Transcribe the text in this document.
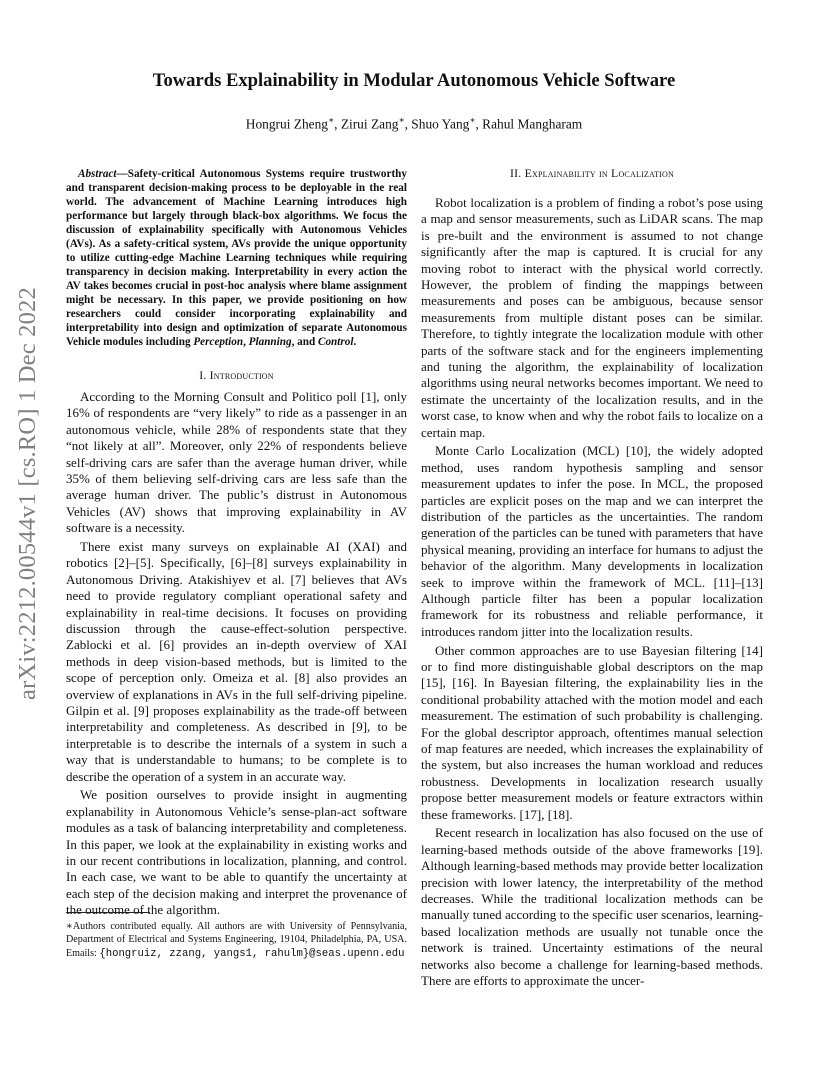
arXiv:2212.00544v1 [cs.RO] 1 Dec 2022
Towards Explainability in Modular Autonomous Vehicle Software

Hongrui Zheng∗, Zirui Zang∗, Shuo Yang∗, Rahul Mangharam

Abstract—Safety-critical Autonomous Systems require trustworthy and transparent decision-making process to be deployable in the real world. The advancement of Machine Learning introduces high performance but largely through black-box algorithms. We focus the discussion of explainability specifically with Autonomous Vehicles (AVs). As a safety-critical system, AVs provide the unique opportunity to utilize cutting-edge Machine Learning techniques while requiring transparency in decision making. Interpretability in every action the AV takes becomes crucial in post-hoc analysis where blame assignment might be necessary. In this paper, we provide positioning on how researchers could consider incorporating explainability and interpretability into design and optimization of separate Autonomous Vehicle modules including Perception, Planning, and Control.

I. Introduction

According to the Morning Consult and Politico poll [1], only 16% of respondents are “very likely” to ride as a passenger in an autonomous vehicle, while 28% of respondents state that they “not likely at all”. Moreover, only 22% of respondents believe self-driving cars are safer than the average human driver, while 35% of them believing self-driving cars are less safe than the average human driver. The public’s distrust in Autonomous Vehicles (AV) shows that improving explainability in AV software is a necessity.

There exist many surveys on explainable AI (XAI) and robotics [2]–[5]. Specifically, [6]–[8] surveys explainability in Autonomous Driving. Atakishiyev et al. [7] believes that AVs need to provide regulatory compliant operational safety and explainability in real-time decisions. It focuses on providing discussion through the cause-effect-solution perspective. Zablocki et al. [6] provides an in-depth overview of XAI methods in deep vision-based methods, but is limited to the scope of perception only. Omeiza et al. [8] also provides an overview of explanations in AVs in the full self-driving pipeline. Gilpin et al. [9] proposes explainability as the trade-off between interpretability and completeness. As described in [9], to be interpretable is to describe the internals of a system in such a way that is understandable to humans; to be complete is to describe the operation of a system in an accurate way.

We position ourselves to provide insight in augmenting explanability in Autonomous Vehicle’s sense-plan-act software modules as a task of balancing interpretability and completeness. In this paper, we look at the explainability in existing works and in our recent contributions in localization, planning, and control. In each case, we want to be able to quantify the uncertainty at each step of the decision making and interpret the provenance of the outcome of the algorithm.

∗Authors contributed equally. All authors are with University of Pennsylvania, Department of Electrical and Systems Engineering, 19104, Philadelphia, PA, USA. Emails: {hongruiz, zzang, yangs1, rahulm}@seas.upenn.edu
II. Explainability in Localization

Robot localization is a problem of finding a robot’s pose using a map and sensor measurements, such as LiDAR scans. The map is pre-built and the environment is assumed to not change significantly after the map is captured. It is crucial for any moving robot to interact with the physical world correctly. However, the problem of finding the mappings between measurements and poses can be ambiguous, because sensor measurements from multiple distant poses can be similar. Therefore, to tightly integrate the localization module with other parts of the software stack and for the engineers implementing and tuning the algorithm, the explainability of localization algorithms using neural networks becomes important. We need to estimate the uncertainty of the localization results, and in the worst case, to know when and why the robot fails to localize on a certain map.

Monte Carlo Localization (MCL) [10], the widely adopted method, uses random hypothesis sampling and sensor measurement updates to infer the pose. In MCL, the proposed particles are explicit poses on the map and we can interpret the distribution of the particles as the uncertainties. The random generation of the particles can be tuned with parameters that have physical meaning, providing an interface for humans to adjust the behavior of the algorithm. Many developments in localization seek to improve within the framework of MCL. [11]–[13] Although particle filter has been a popular localization framework for its robustness and reliable performance, it introduces random jitter into the localization results.

Other common approaches are to use Bayesian filtering [14] or to find more distinguishable global descriptors on the map [15], [16]. In Bayesian filtering, the explainability lies in the conditional probability attached with the motion model and each measurement. The estimation of such probability is challenging. For the global descriptor approach, oftentimes manual selection of map features are needed, which increases the explainability of the system, but also increases the human workload and reduces robustness. Developments in localization research usually propose better measurement models or feature extractors within these frameworks. [17], [18].

Recent research in localization has also focused on the use of learning-based methods outside of the above frameworks [19]. Although learning-based methods may provide better localization precision with lower latency, the interpretability of the method decreases. While the traditional localization methods can be manually tuned according to the specific user scenarios, learning-based localization methods are usually not tunable once the network is trained. Uncertainty estimations of the neural networks also become a challenge for learning-based methods. There are efforts to approximate the uncer-
